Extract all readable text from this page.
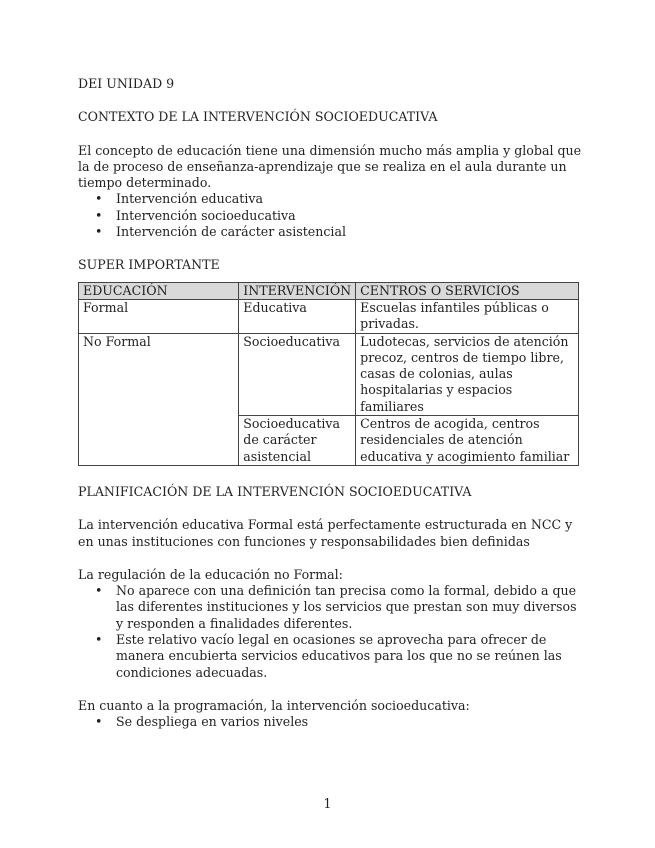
DEI UNIDAD 9

CONTEXTO DE LA INTERVENCIÓN SOCIOEDUCATIVA

El concepto de educación tiene una dimensión mucho más amplia y global que la de proceso de enseñanza-aprendizaje que se realiza en el aula durante un tiempo determinado.

• Intervención educativa
• Intervención socioeducativa
• Intervención de carácter asistencial

SUPER IMPORTANTE

EDUCACIÓN	INTERVENCIÓN	CENTROS O SERVICIOS
Formal	Educativa	Escuelas infantiles públicas o privadas.
No Formal	Socioeducativa	Ludotecas, servicios de atención precoz, centros de tiempo libre, casas de colonias, aulas hospitalarias y espacios familiares
	Socioeducativa de carácter asistencial	Centros de acogida, centros residenciales de atención educativa y acogimiento familiar

PLANIFICACIÓN DE LA INTERVENCIÓN SOCIOEDUCATIVA

La intervención educativa Formal está perfectamente estructurada en NCC y en unas instituciones con funciones y responsabilidades bien definidas

La regulación de la educación no Formal:

• No aparece con una definición tan precisa como la formal, debido a que las diferentes instituciones y los servicios que prestan son muy diversos y responden a finalidades diferentes.
• Este relativo vacío legal en ocasiones se aprovecha para ofrecer de manera encubierta servicios educativos para los que no se reúnen las condiciones adecuadas.

En cuanto a la programación, la intervención socioeducativa:

• Se despliega en varios niveles
1
